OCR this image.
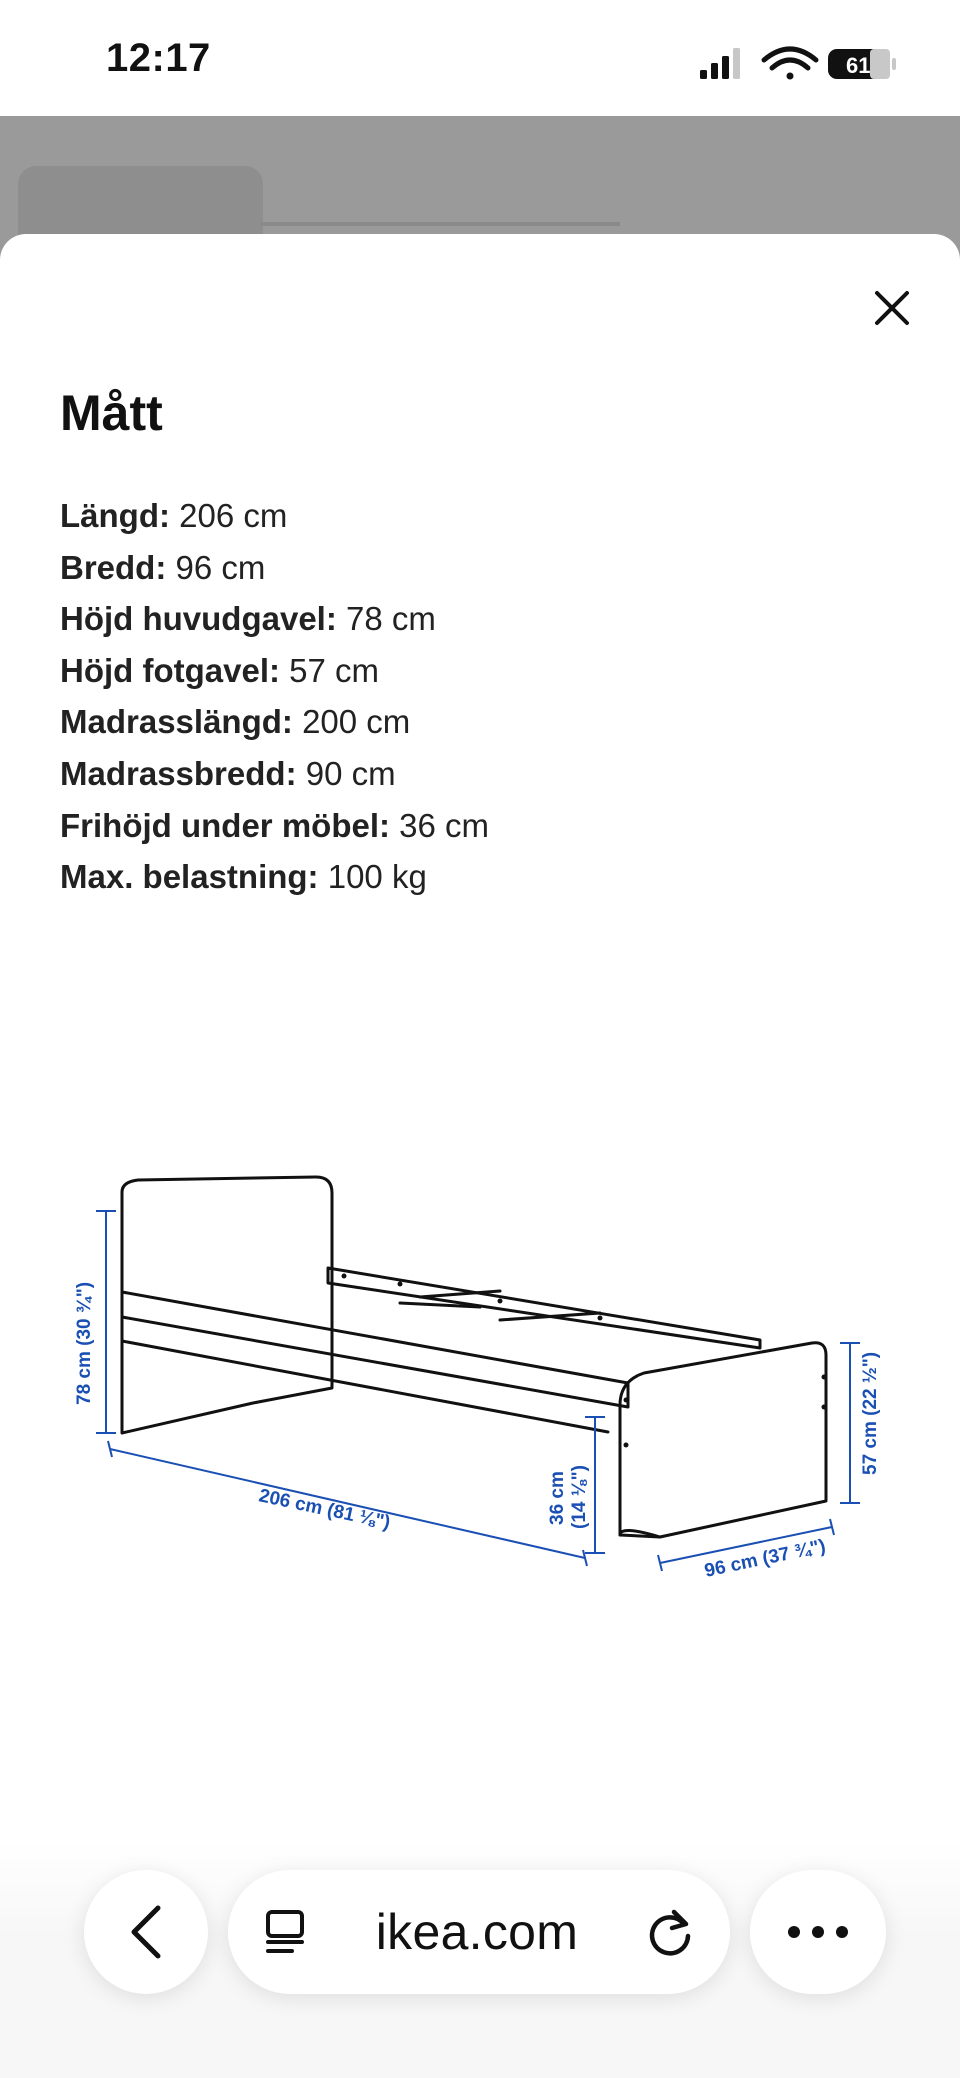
12:17	61
Mått
Längd: 206 cm
Bredd: 96 cm
Höjd huvudgavel: 78 cm
Höjd fotgavel: 57 cm
Madrasslängd: 200 cm
Madrassbredd: 90 cm
Frihöjd under möbel: 36 cm
Max. belastning: 100 kg
78 cm (30 ¾")
206 cm (81 ⅛")	36 cm (14 ⅛")
96 cm (37 ¾")
57 cm (22 ½")
ikea.com
